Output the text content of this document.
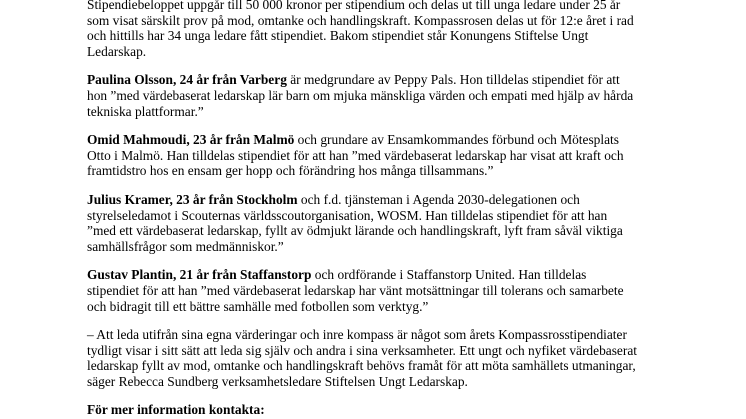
Stipendiebeloppet uppgår till 50 000 kronor per stipendium och delas ut till unga ledare under 25 år
som visat särskilt prov på mod, omtanke och handlingskraft. Kompassrosen delas ut för 12:e året i rad
och hittills har 34 unga ledare fått stipendiet. Bakom stipendiet står Konungens Stiftelse Ungt
Ledarskap.

Paulina Olsson, 24 år från Varberg är medgrundare av Peppy Pals. Hon tilldelas stipendiet för att
hon ”med värdebaserat ledarskap lär barn om mjuka mänskliga värden och empati med hjälp av hårda
tekniska plattformar.”

Omid Mahmoudi, 23 år från Malmö och grundare av Ensamkommandes förbund och Mötesplats
Otto i Malmö. Han tilldelas stipendiet för att han ”med värdebaserat ledarskap har visat att kraft och
framtidstro hos en ensam ger hopp och förändring hos många tillsammans.”

Julius Kramer, 23 år från Stockholm och f.d. tjänsteman i Agenda 2030-delegationen och
styrelseledamot i Scouternas världsscoutorganisation, WOSM. Han tilldelas stipendiet för att han
”med ett värdebaserat ledarskap, fyllt av ödmjukt lärande och handlingskraft, lyft fram såväl viktiga
samhällsfrågor som medmänniskor.”

Gustav Plantin, 21 år från Staffanstorp och ordförande i Staffanstorp United. Han tilldelas
stipendiet för att han ”med värdebaserat ledarskap har vänt motsättningar till tolerans och samarbete
och bidragit till ett bättre samhälle med fotbollen som verktyg.”

– Att leda utifrån sina egna värderingar och inre kompass är något som årets Kompassrosstipendiater
tydligt visar i sitt sätt att leda sig själv och andra i sina verksamheter. Ett ungt och nyfiket värdebaserat
ledarskap fyllt av mod, omtanke och handlingskraft behövs framåt för att möta samhällets utmaningar,
säger Rebecca Sundberg verksamhetsledare Stiftelsen Ungt Ledarskap.

För mer information kontakta:
